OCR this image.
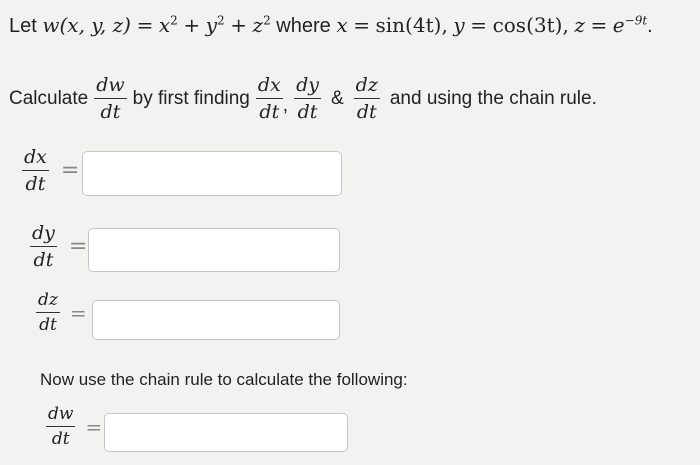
Let w(x, y, $z) = x^2 + y^2 + z^2$ where x = sin(4t), y = cos(3t), $z = e^{-9t}$.
Calculate $\frac{dw}{dt}$ by first finding $\frac{dx}{dt}$ , $\frac{dy}{dt}$ & $\frac{dz}{dt}$ and using the chain rule.
$\frac{dx}{dt}$ =
$\frac{dy}{dt}$ =
$\frac{dz}{dt}$ =
Now use the chain rule to calculate the following:
$\frac{dw}{dt}$ =
